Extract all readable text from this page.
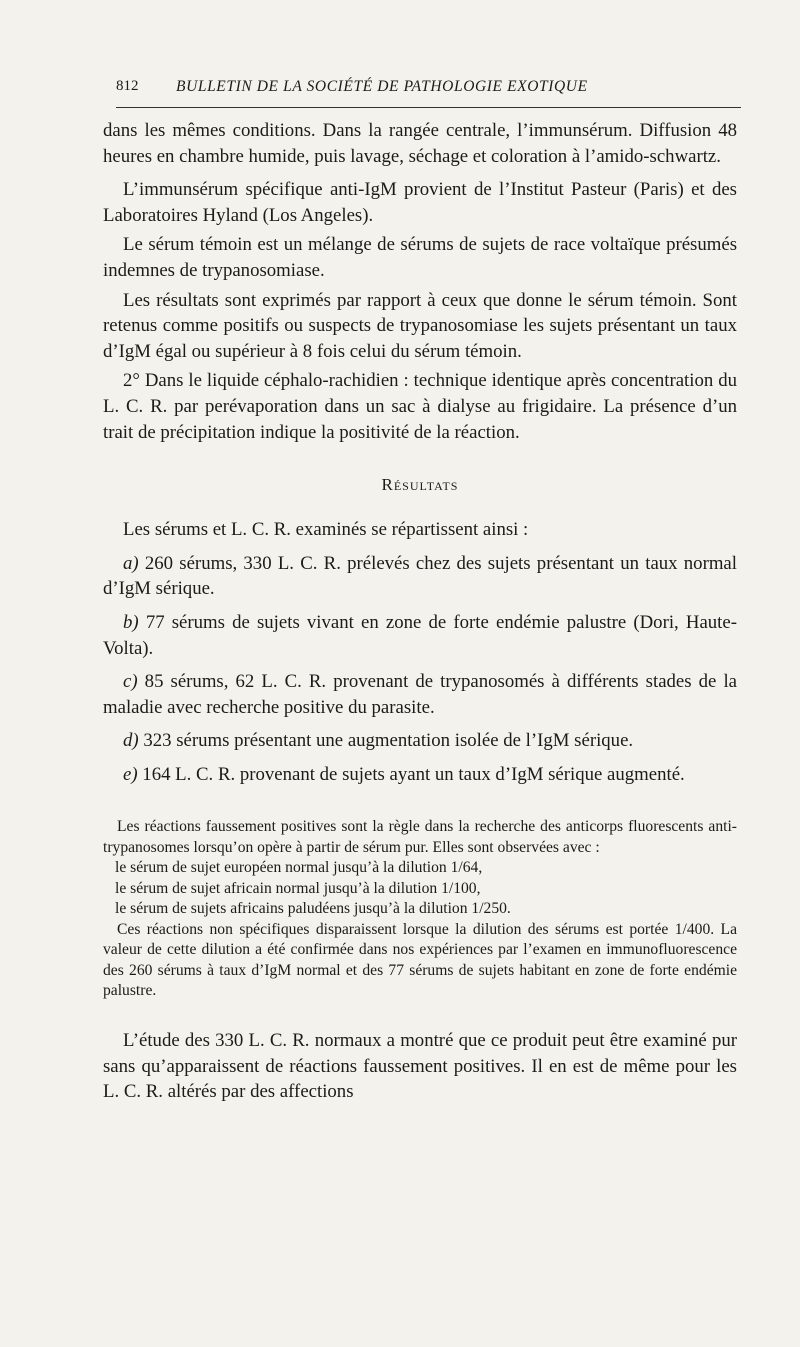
812 BULLETIN DE LA SOCIÉTÉ DE PATHOLOGIE EXOTIQUE

dans les mêmes conditions. Dans la rangée centrale, l’immunsérum. Diffusion 48 heures en chambre humide, puis lavage, séchage et coloration à l’amido-schwartz.

L’immunsérum spécifique anti-IgM provient de l’Institut Pasteur (Paris) et des Laboratoires Hyland (Los Angeles).

Le sérum témoin est un mélange de sérums de sujets de race voltaïque présumés indemnes de trypanosomiase.

Les résultats sont exprimés par rapport à ceux que donne le sérum témoin. Sont retenus comme positifs ou suspects de trypanosomiase les sujets présentant un taux d’IgM égal ou supérieur à 8 fois celui du sérum témoin.

2° Dans le liquide céphalo-rachidien : technique identique après concentration du L. C. R. par perévaporation dans un sac à dialyse au frigidaire. La présence d’un trait de précipitation indique la positivité de la réaction.

Résultats

Les sérums et L. C. R. examinés se répartissent ainsi :

a) 260 sérums, 330 L. C. R. prélevés chez des sujets présentant un taux normal d’IgM sérique.

b) 77 sérums de sujets vivant en zone de forte endémie palustre (Dori, Haute-Volta).

c) 85 sérums, 62 L. C. R. provenant de trypanosomés à différents stades de la maladie avec recherche positive du parasite.

d) 323 sérums présentant une augmentation isolée de l’IgM sérique.

e) 164 L. C. R. provenant de sujets ayant un taux d’IgM sérique augmenté.

Les réactions faussement positives sont la règle dans la recherche des anticorps fluorescents anti-trypanosomes lorsqu’on opère à partir de sérum pur. Elles sont observées avec :

le sérum de sujet européen normal jusqu’à la dilution 1/64,

le sérum de sujet africain normal jusqu’à la dilution 1/100,

le sérum de sujets africains paludéens jusqu’à la dilution 1/250.

Ces réactions non spécifiques disparaissent lorsque la dilution des sérums est portée 1/400. La valeur de cette dilution a été confirmée dans nos expériences par l’examen en immunofluorescence des 260 sérums à taux d’IgM normal et des 77 sérums de sujets habitant en zone de forte endémie palustre.

L’étude des 330 L. C. R. normaux a montré que ce produit peut être examiné pur sans qu’apparaissent de réactions faussement positives. Il en est de même pour les L. C. R. altérés par des affections
